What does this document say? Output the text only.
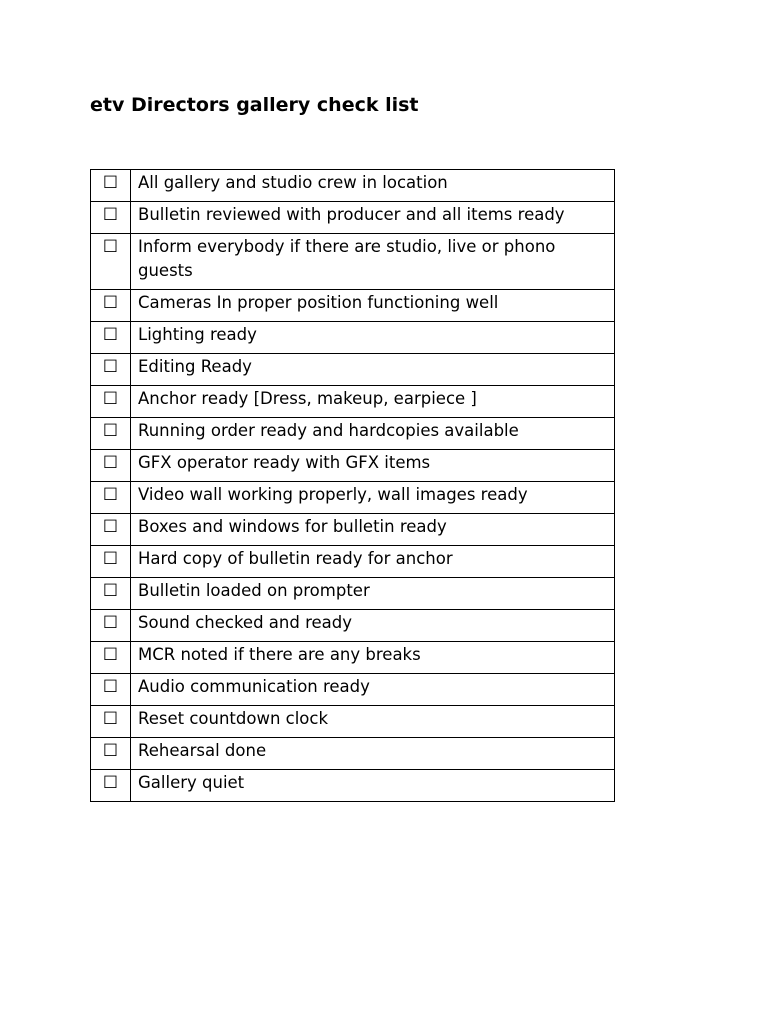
etv Directors gallery check list
☐	All gallery and studio crew in location
☐	Bulletin reviewed with producer and all items ready
☐	Inform everybody if there are studio, live or phono guests
☐	Cameras In proper position functioning well
☐	Lighting ready
☐	Editing Ready
☐	Anchor ready [Dress, makeup, earpiece ]
☐	Running order ready and hardcopies available
☐	GFX operator ready with GFX items
☐	Video wall working properly, wall images ready
☐	Boxes and windows for bulletin ready
☐	Hard copy of bulletin ready for anchor
☐	Bulletin loaded on prompter
☐	Sound checked and ready
☐	MCR noted if there are any breaks
☐	Audio communication ready
☐	Reset countdown clock
☐	Rehearsal done
☐	Gallery quiet
